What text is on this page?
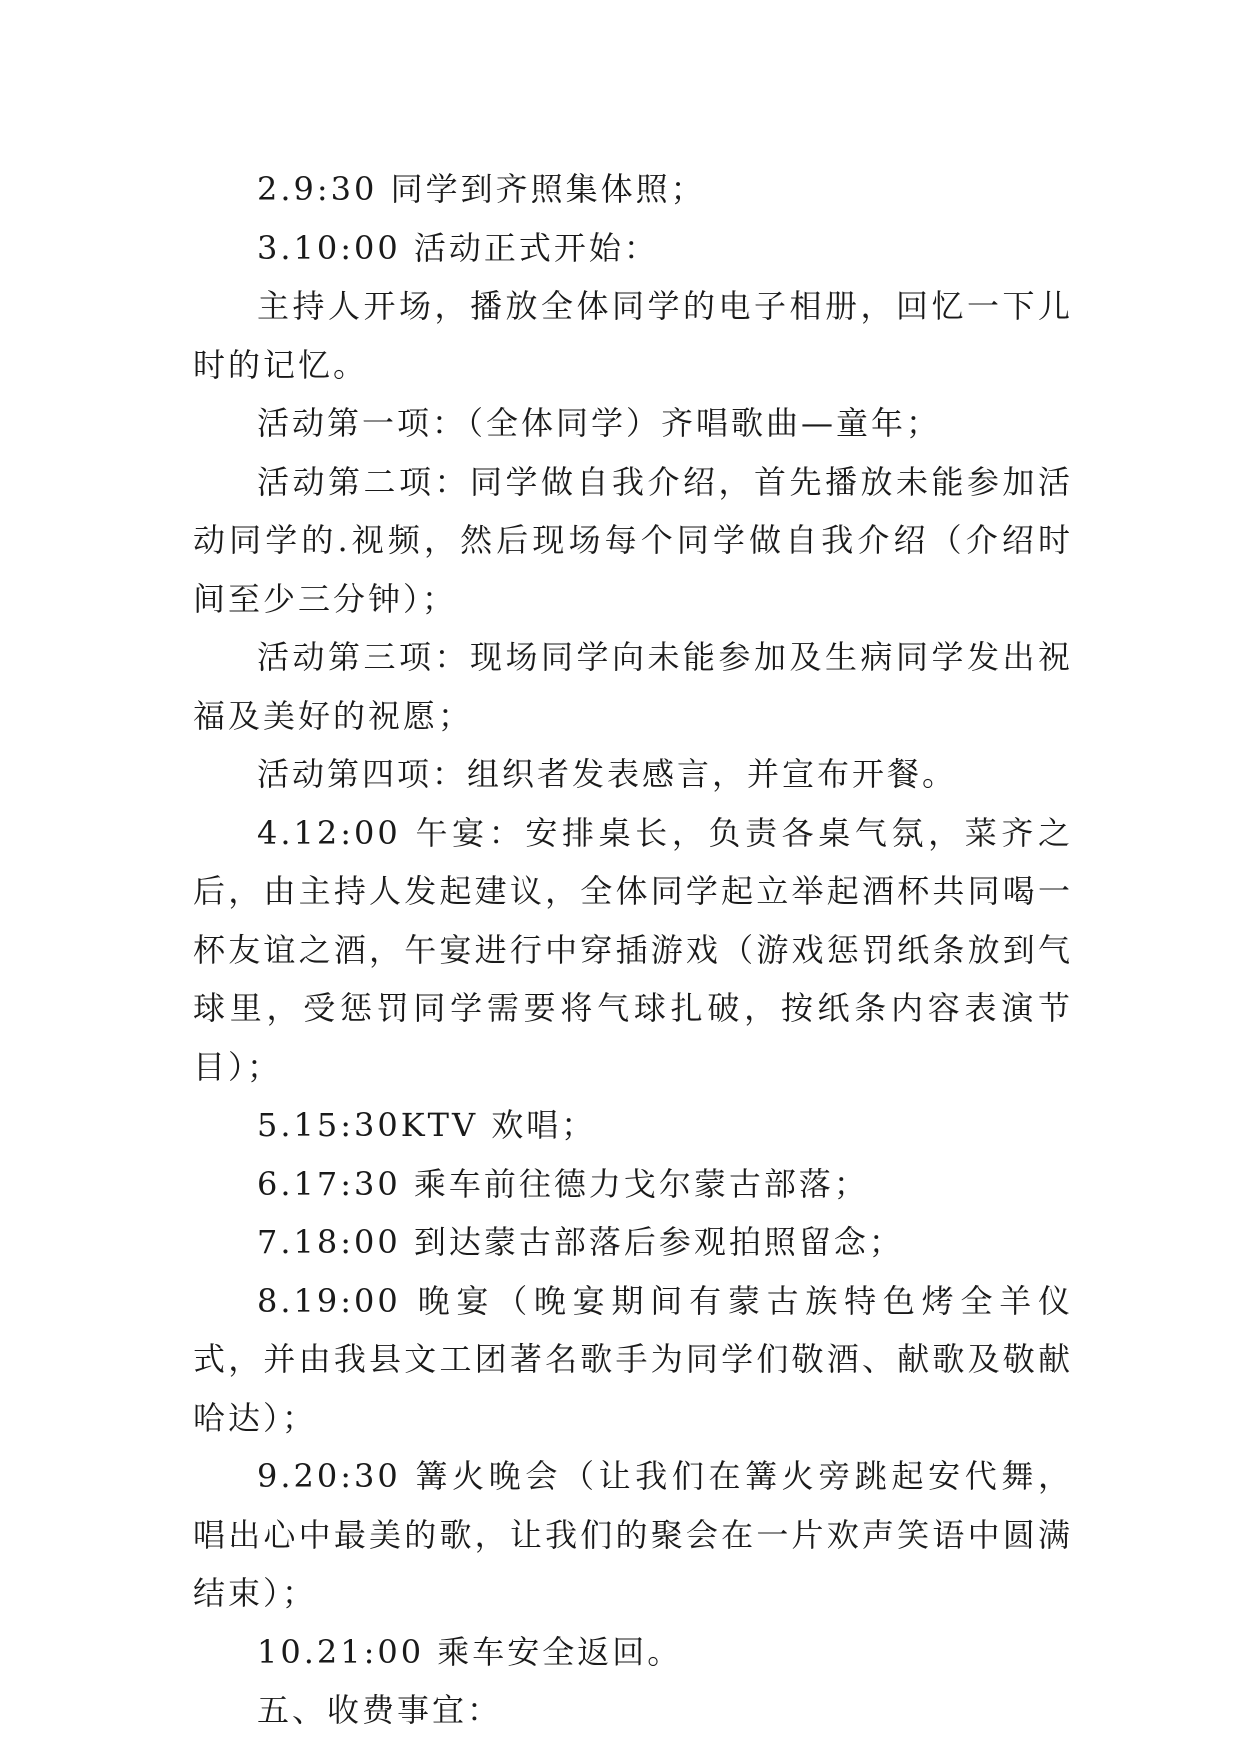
2.9:30 同学到齐照集体照；

3.10:00 活动正式开始：

主持人开场，播放全体同学的电子相册，回忆一下儿时的记忆。

活动第一项：（全体同学）齐唱歌曲—童年；

活动第二项：同学做自我介绍，首先播放未能参加活动同学的.视频，然后现场每个同学做自我介绍（介绍时间至少三分钟）；

活动第三项：现场同学向未能参加及生病同学发出祝福及美好的祝愿；

活动第四项：组织者发表感言，并宣布开餐。

4.12:00 午宴：安排桌长，负责各桌气氛，菜齐之后，由主持人发起建议，全体同学起立举起酒杯共同喝一杯友谊之酒，午宴进行中穿插游戏（游戏惩罚纸条放到气球里，受惩罚同学需要将气球扎破，按纸条内容表演节目）；

5.15:30KTV 欢唱；

6.17:30 乘车前往德力戈尔蒙古部落；

7.18:00 到达蒙古部落后参观拍照留念；

8.19:00 晚宴（晚宴期间有蒙古族特色烤全羊仪式，并由我县文工团著名歌手为同学们敬酒、献歌及敬献哈达）；

9.20:30 篝火晚会（让我们在篝火旁跳起安代舞，唱出心中最美的歌，让我们的聚会在一片欢声笑语中圆满结束）；

10.21:00 乘车安全返回。

五、收费事宜：
